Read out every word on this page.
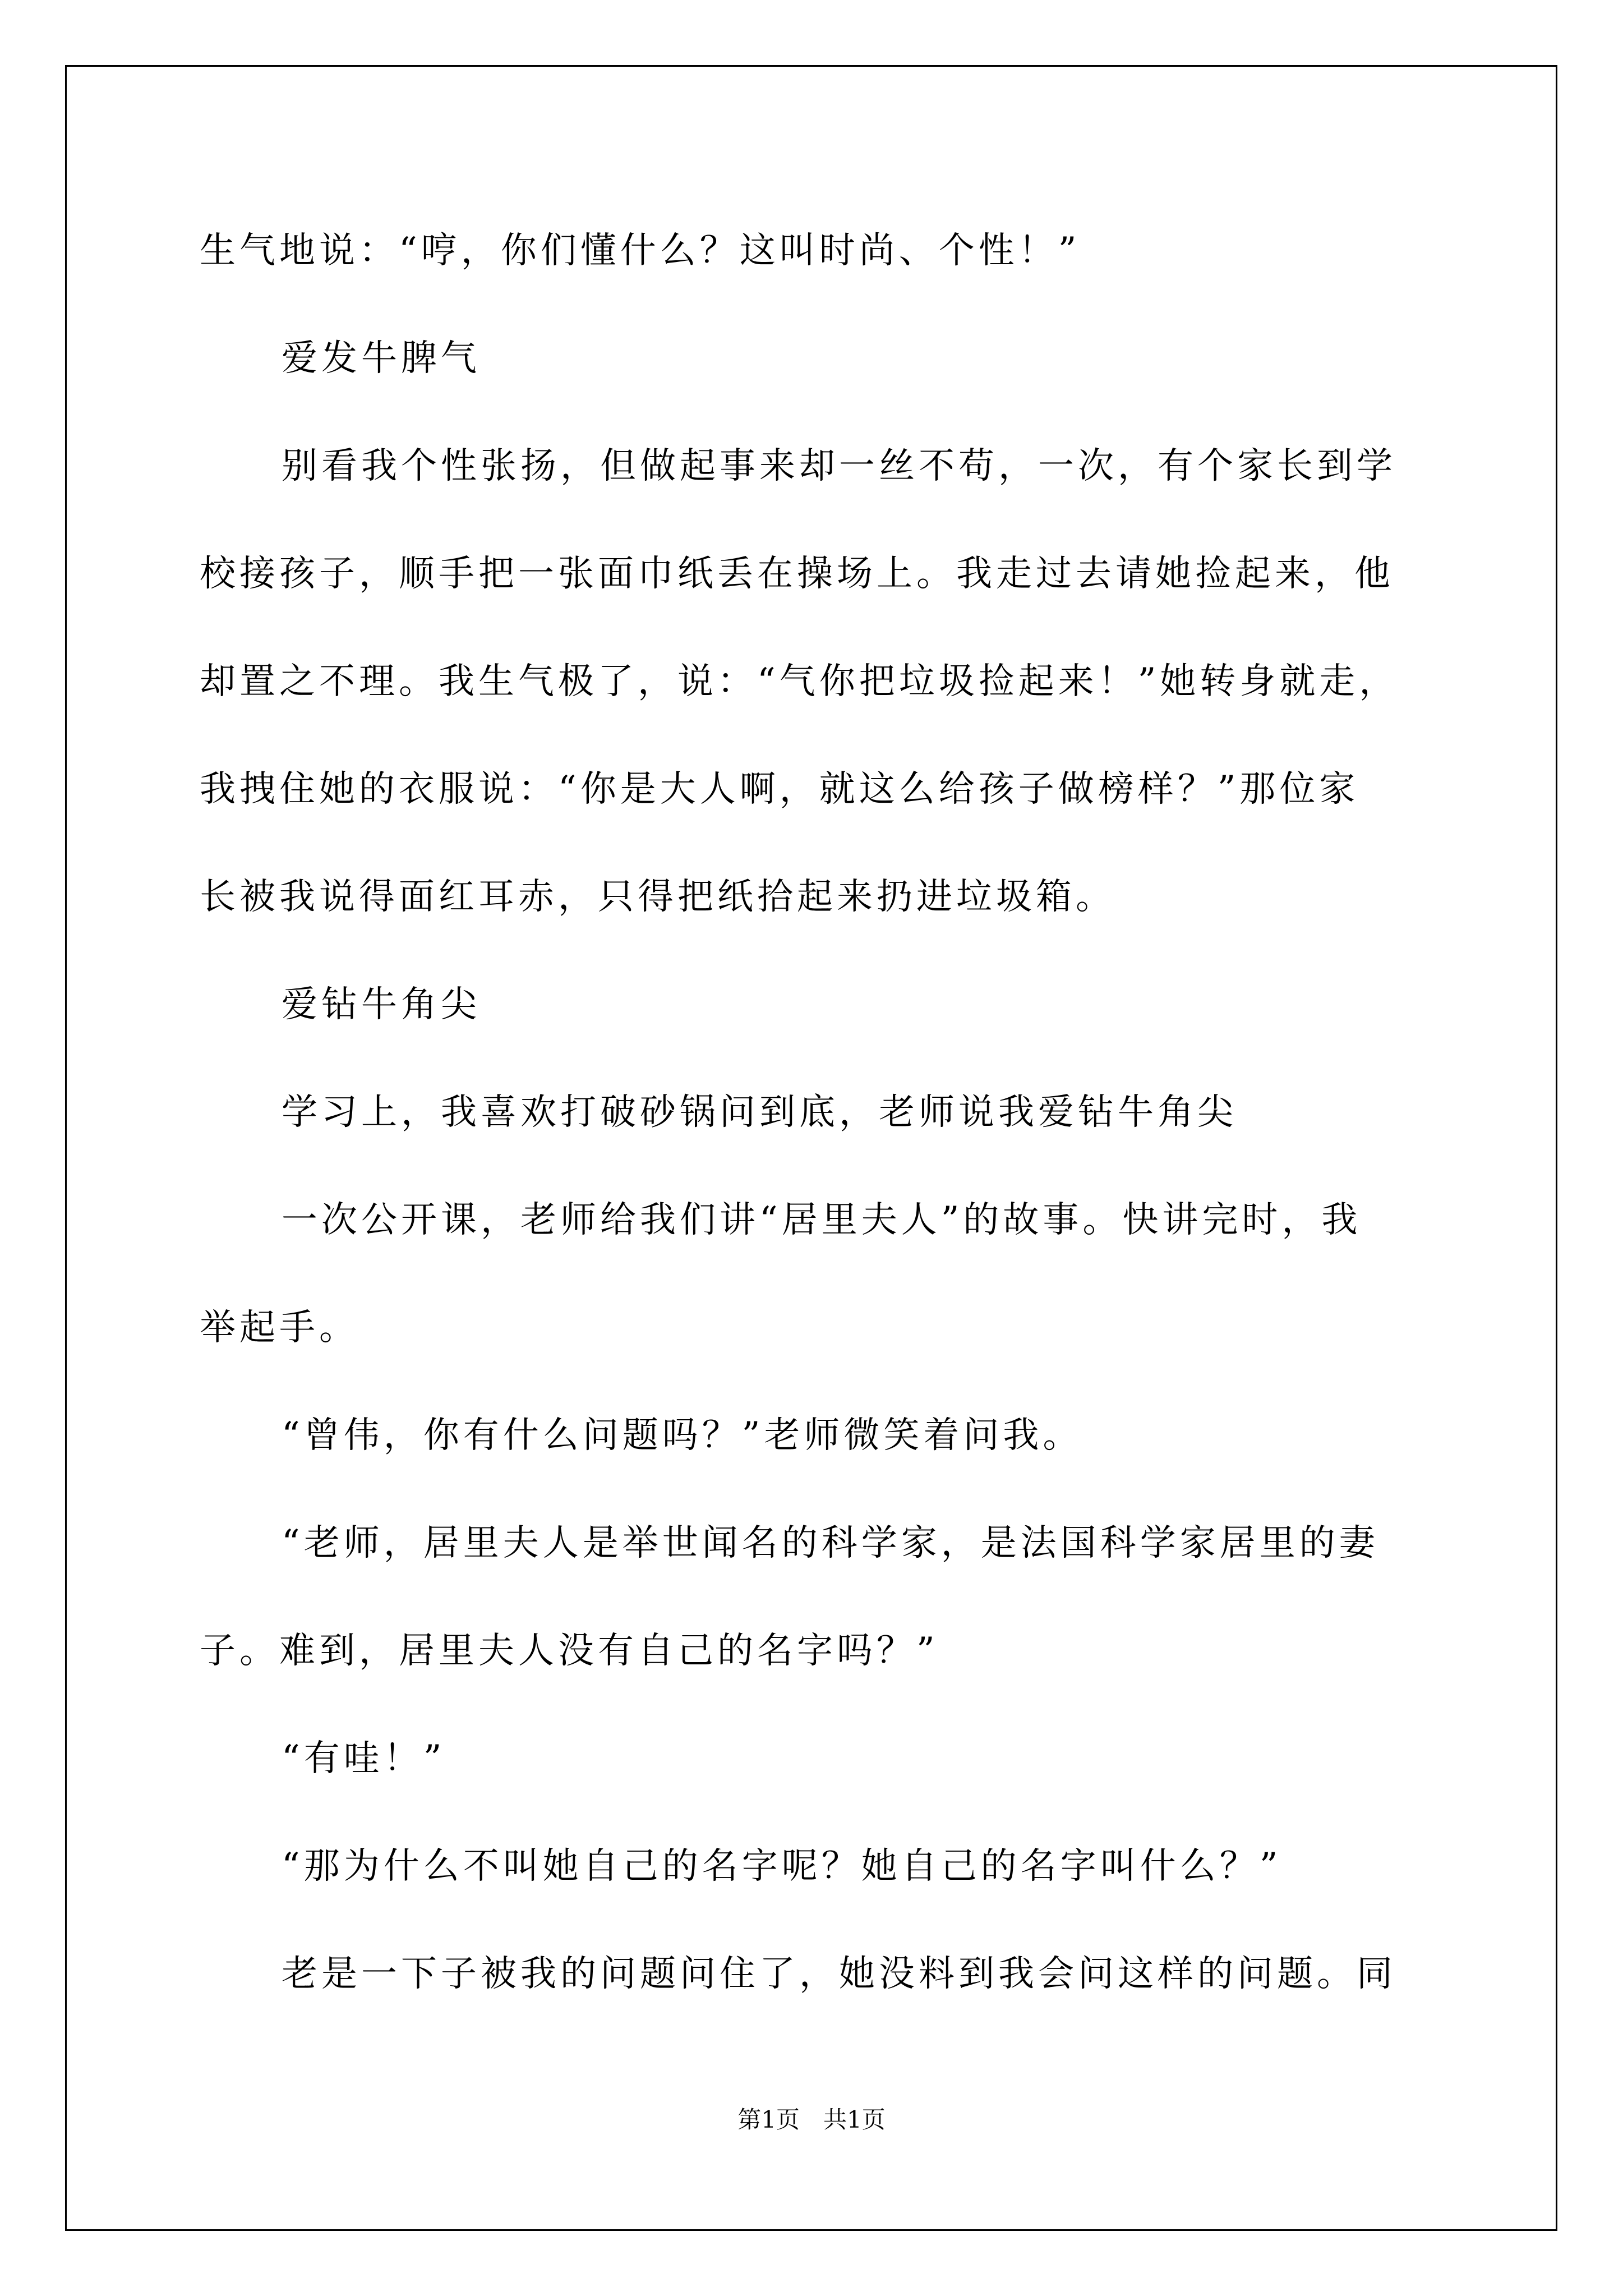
生气地说：“哼，你们懂什么？这叫时尚、个性！”
爱发牛脾气
别看我个性张扬，但做起事来却一丝不苟，一次，有个家长到学
校接孩子，顺手把一张面巾纸丢在操场上。我走过去请她捡起来，他
却置之不理。我生气极了，说：“气你把垃圾捡起来！”她转身就走，
我拽住她的衣服说：“你是大人啊，就这么给孩子做榜样？”那位家
长被我说得面红耳赤，只得把纸拾起来扔进垃圾箱。
爱钻牛角尖
学习上，我喜欢打破砂锅问到底，老师说我爱钻牛角尖
一次公开课，老师给我们讲“居里夫人”的故事。快讲完时，我
举起手。
“曾伟，你有什么问题吗？”老师微笑着问我。
“老师，居里夫人是举世闻名的科学家，是法国科学家居里的妻
子。难到，居里夫人没有自己的名字吗？”
“有哇！”
“那为什么不叫她自己的名字呢？她自己的名字叫什么？”
老是一下子被我的问题问住了，她没料到我会问这样的问题。同
第1页　共1页
